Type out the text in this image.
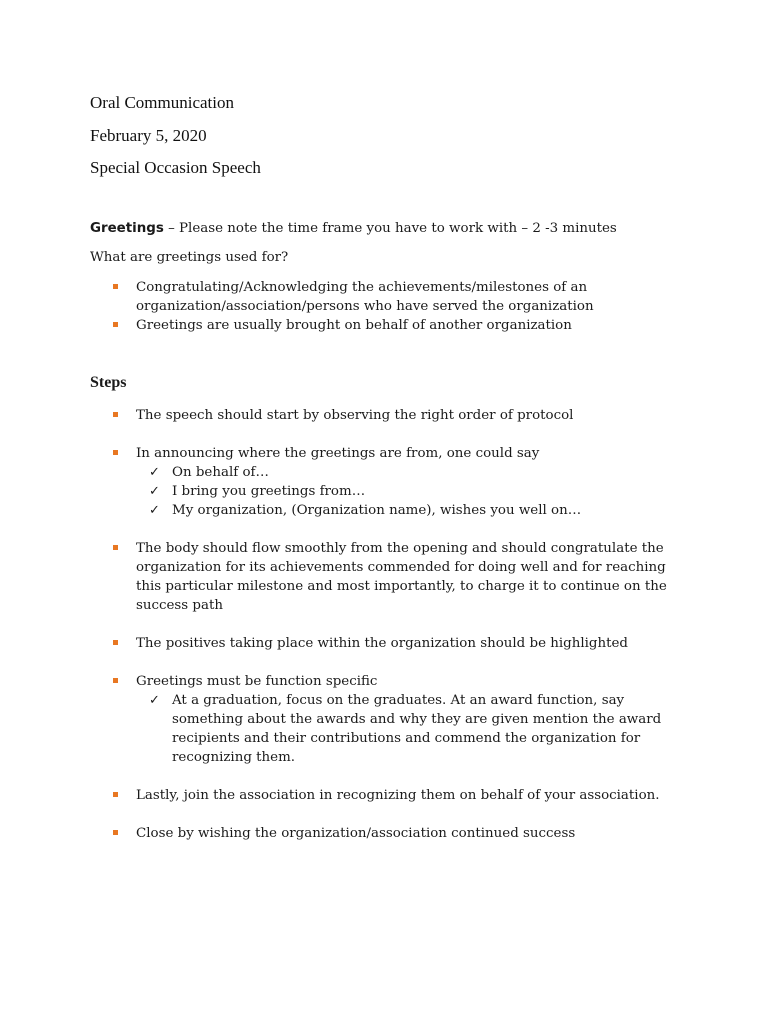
Oral Communication
February 5, 2020
Special Occasion Speech
Greetings – Please note the time frame you have to work with – 2 -3 minutes
What are greetings used for?
Congratulating/Acknowledging the achievements/milestones of an organization/association/persons who have served the organization
Greetings are usually brought on behalf of another organization
Steps
The speech should start by observing the right order of protocol
In announcing where the greetings are from, one could say
✓ On behalf of…
✓ I bring you greetings from…
✓ My organization, (Organization name), wishes you well on…
The body should flow smoothly from the opening and should congratulate the organization for its achievements commended for doing well and for reaching this particular milestone and most importantly, to charge it to continue on the success path
The positives taking place within the organization should be highlighted
Greetings must be function specific
✓ At a graduation, focus on the graduates. At an award function, say something about the awards and why they are given mention the award recipients and their contributions and commend the organization for recognizing them.
Lastly, join the association in recognizing them on behalf of your association.
Close by wishing the organization/association continued success
